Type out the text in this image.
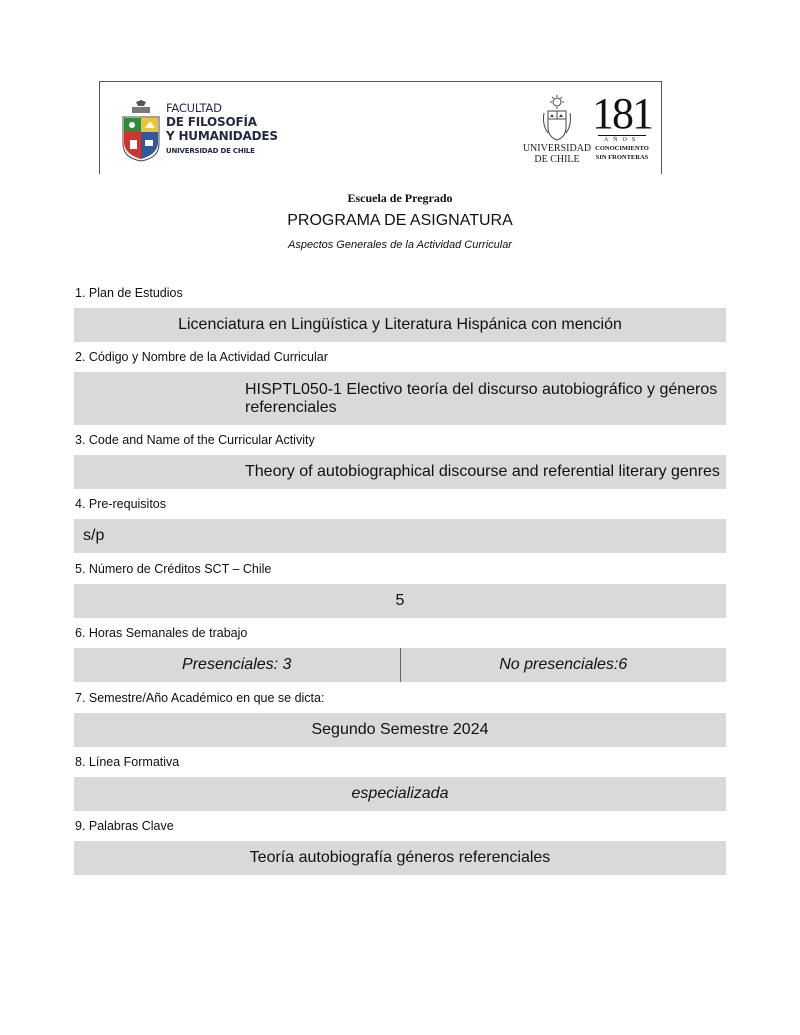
FACULTAD
DE FILOSOFÍA
Y HUMANIDADES
UNIVERSIDAD DE CHILE	UNIVERSIDAD
DE CHILE
181
AÑOS
CONOCIMIENTO
SIN FRONTERAS
Escuela de Pregrado
PROGRAMA DE ASIGNATURA
Aspectos Generales de la Actividad Curricular
1. Plan de Estudios
Licenciatura en Lingüística y Literatura Hispánica con mención
2. Código y Nombre de la Actividad Curricular
HISPTL050-1 Electivo teoría del discurso autobiográfico y géneros
referenciales
3. Code and Name of the Curricular Activity
Theory of autobiographical discourse and referential literary genres
4. Pre-requisitos
s/p
5. Número de Créditos SCT – Chile
5
6. Horas Semanales de trabajo
Presenciales: 3	No presenciales:6
7. Semestre/Año Académico en que se dicta:
Segundo Semestre 2024
8. Línea Formativa
especializada
9. Palabras Clave
Teoría autobiografía géneros referenciales
